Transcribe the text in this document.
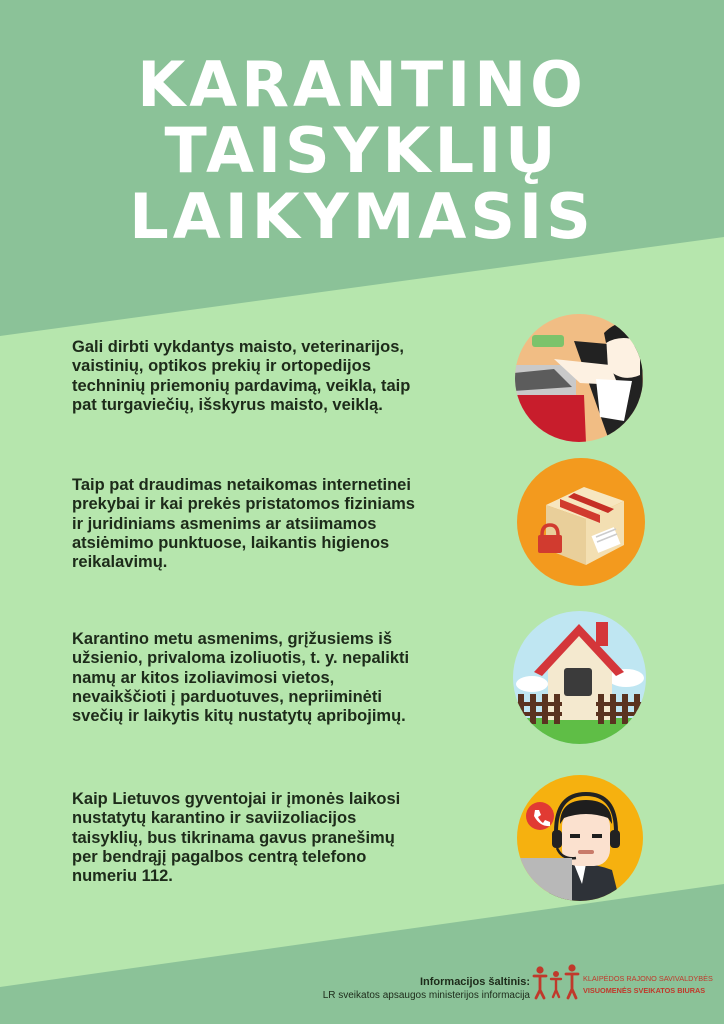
KARANTINO
TAISYKLIŲ
LAIKYMASIS
Gali dirbti vykdantys maisto, veterinarijos,
vaistinių, optikos prekių ir ortopedijos
techninių priemonių pardavimą, veikla, taip
pat turgaviečių, išskyrus maisto, veiklą.
Taip pat draudimas netaikomas internetinei
prekybai ir kai prekės pristatomos fiziniams
ir juridiniams asmenims ar atsiimamos
atsiėmimo punktuose, laikantis higienos
reikalavimų.
Karantino metu asmenims, grįžusiems iš
užsienio, privaloma izoliuotis, t. y. nepalikti
namų ar kitos izoliavimosi vietos,
nevaikščioti į parduotuves, nepriiminėti
svečių ir laikytis kitų nustatytų apribojimų.
Kaip Lietuvos gyventojai ir įmonės laikosi
nustatytų karantino ir saviizoliacijos
taisyklių, bus tikrinama gavus pranešimų
per bendrąjį pagalbos centrą telefono
numeriu 112.
Informacijos šaltinis:
LR sveikatos apsaugos ministerijos informacija
KLAIPĖDOS RAJONO SAVIVALDYBĖS
VISUOMENĖS SVEIKATOS BIURAS
